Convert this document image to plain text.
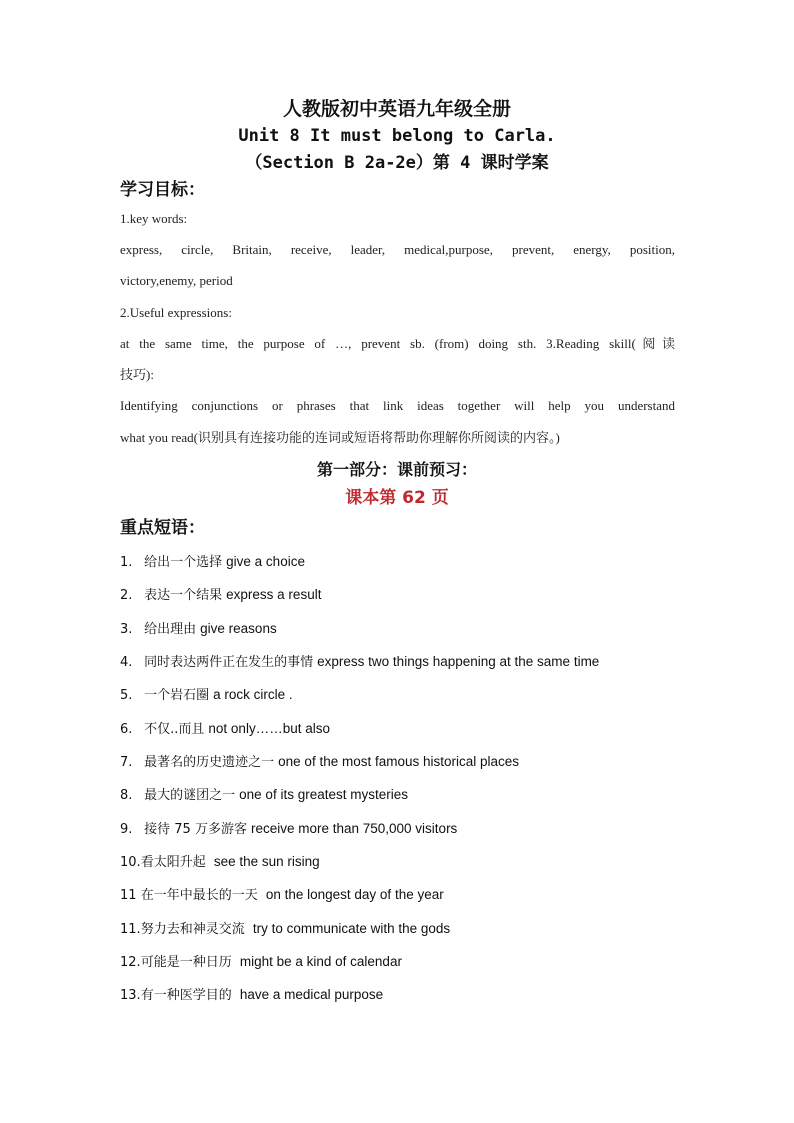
人教版初中英语九年级全册
Unit 8 It must belong to Carla.
（Section B 2a-2e）第 4 课时学案
学习目标：
1.key words:
express, circle, Britain, receive, leader, medical,purpose, prevent, energy, position,
victory,enemy, period
2.Useful expressions:
at the same time, the purpose of …, prevent sb. (from) doing sth. 3.Reading skill(阅读
技巧):
Identifying conjunctions or phrases that link ideas together will help you understand
what you read(识别具有连接功能的连词或短语将帮助你理解你所阅读的内容。)
第一部分：课前预习：
课本第 62 页
重点短语：
1. 给出一个选择 give a choice
2. 表达一个结果 express a result
3. 给出理由 give reasons
4. 同时表达两件正在发生的事情 express two things happening at the same time
5. 一个岩石圈 a rock circle .
6. 不仅..而且 not only……but also
7. 最著名的历史遗迹之一 one of the most famous historical places
8. 最大的谜团之一 one of its greatest mysteries
9. 接待 75 万多游客 receive more than 750,000 visitors
10.看太阳升起 see the sun rising
11 在一年中最长的一天 on the longest day of the year
11.努力去和神灵交流 try to communicate with the gods
12.可能是一种日历 might be a kind of calendar
13.有一种医学目的 have a medical purpose
